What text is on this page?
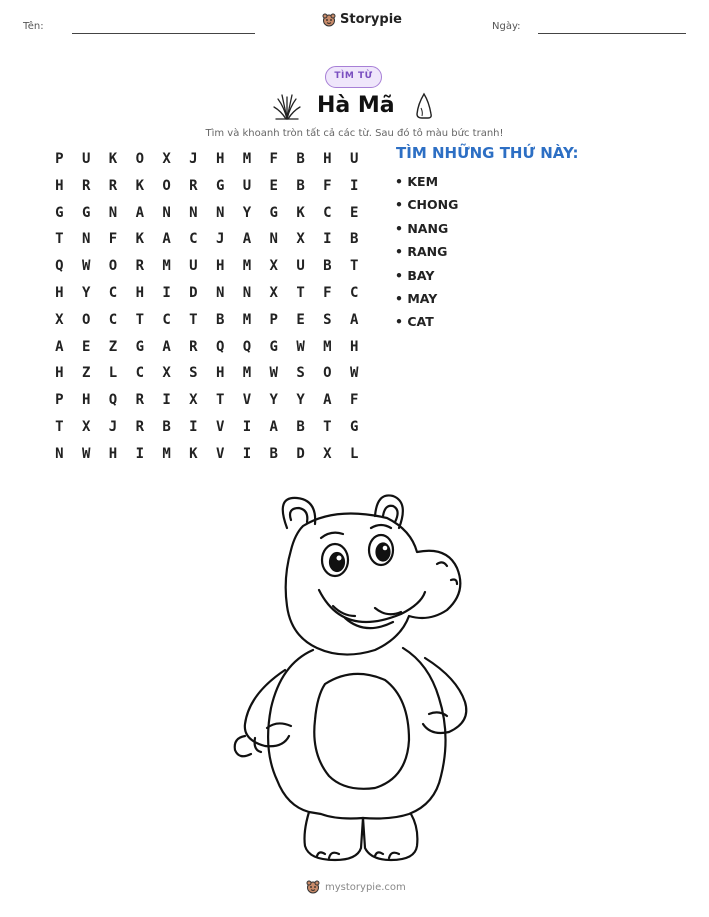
Tên:	Storypie	Ngày:
TÌM TỪ
Hà Mã
Tìm và khoanh tròn tất cả các từ. Sau đó tô màu bức tranh!
P	U	K	O	X	J	H	M	F	B	H	U
H	R	R	K	O	R	G	U	E	B	F	I
G	G	N	A	N	N	N	Y	G	K	C	E
T	N	F	K	A	C	J	A	N	X	I	B
Q	W	O	R	M	U	H	M	X	U	B	T
H	Y	C	H	I	D	N	N	X	T	F	C
X	O	C	T	C	T	B	M	P	E	S	A
A	E	Z	G	A	R	Q	Q	G	W	M	H
H	Z	L	C	X	S	H	M	W	S	O	W
P	H	Q	R	I	X	T	V	Y	Y	A	F
T	X	J	R	B	I	V	I	A	B	T	G
N	W	H	I	M	K	V	I	B	D	X	L
TÌM NHỮNG THỨ NÀY:
• KEM
• CHONG
• NANG
• RANG
• BAY
• MAY
• CAT
mystorypie.com
